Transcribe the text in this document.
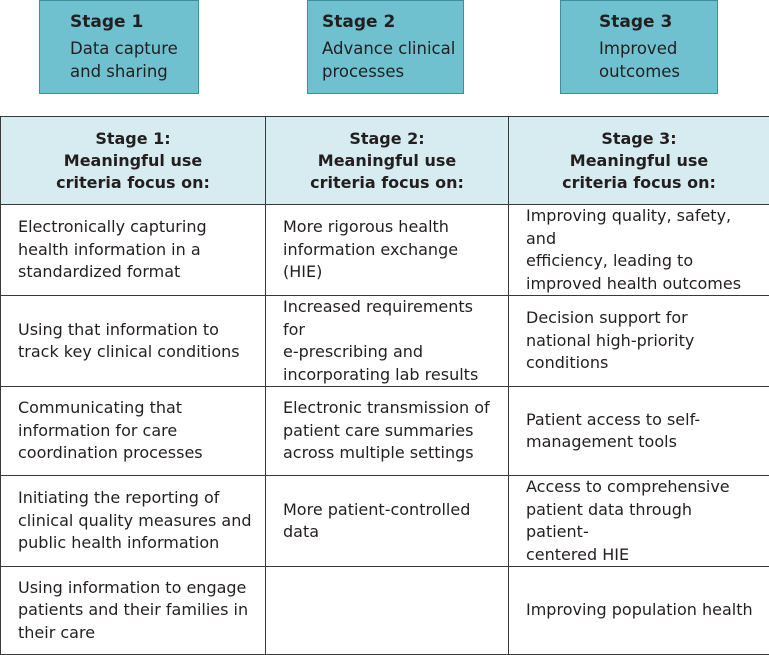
Stage 1
Data capture
and sharing
Stage 2
Advance clinical
processes
Stage 3
Improved
outcomes
Stage 1:
Meaningful use
criteria focus on:	Stage 2:
Meaningful use
criteria focus on:	Stage 3:
Meaningful use
criteria focus on:
Electronically capturing
health information in a
standardized format	More rigorous health
information exchange (HIE)	Improving quality, safety, and
efficiency, leading to
improved health outcomes
Using that information to
track key clinical conditions	Increased requirements for
e-prescribing and
incorporating lab results	Decision support for
national high-priority
conditions
Communicating that
information for care
coordination processes	Electronic transmission of
patient care summaries
across multiple settings	Patient access to self-
management tools
Initiating the reporting of
clinical quality measures and
public health information	More patient-controlled
data	Access to comprehensive
patient data through patient-
centered HIE
Using information to engage
patients and their families in
their care		Improving population health
